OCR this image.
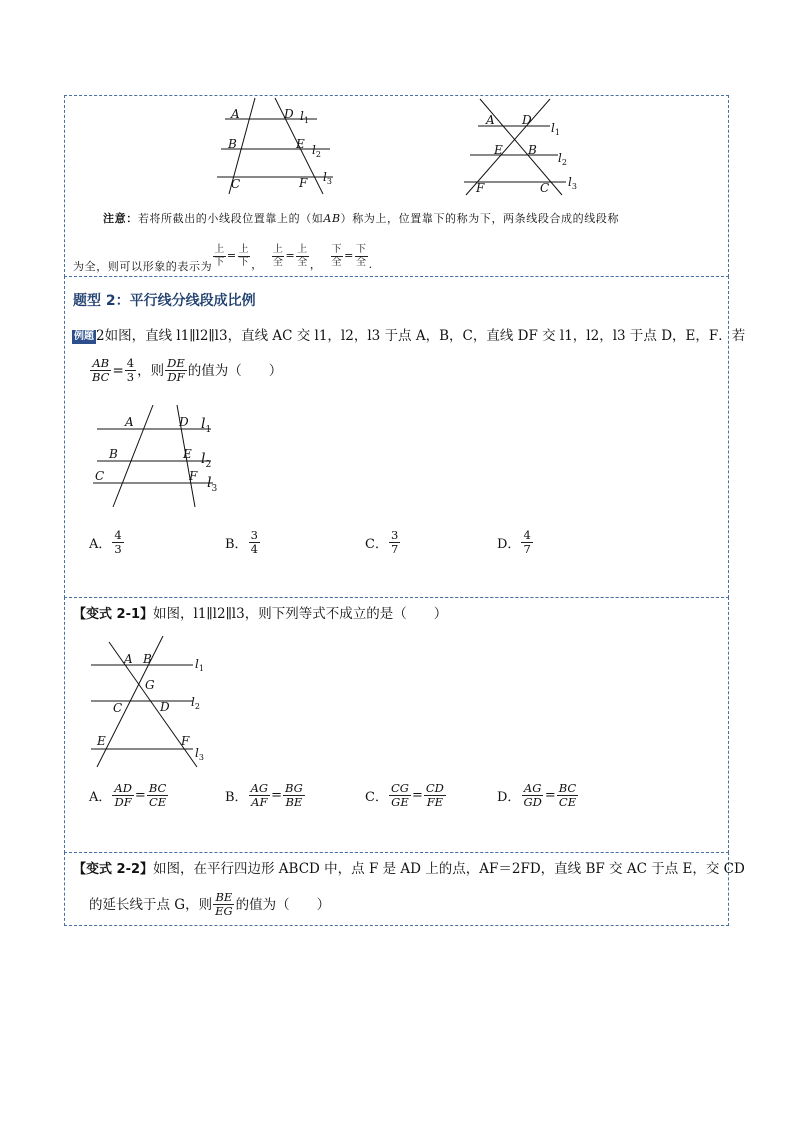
A	D $l_1$
B	E $l_2$
C	F $l_3$
A D
$l_1$
E B
$l_2$
F	C $l_3$
注意：若将所截出的小线段位置靠上的（如AB）称为上，位置靠下的称为下，两条线段合成的线段称
为全，则可以形象的表示为 $\frac{\text{上}}{\text{下}} = \frac{\text{上}}{\text{下}}$ ， $\frac{\text{上}}{\text{全}} = \frac{\text{上}}{\text{全}}$ ， $\frac{\text{下}}{\text{全}} = \frac{\text{下}}{\text{全}}$ .
题型 2：平行线分线段成比例
例题 2如图，直线 l1∥l2∥l3，直线 AC 交 l1，l2，l3 于点 A，B，C，直线 DF 交 l1，l2，l3 于点 D，E，F．若
$\frac{AB}{BC} = \frac{4}{3}$ ，则 $\frac{DE}{DF}$ 的值为（　　）
A	D $l_1$
B	E $l_2$
C	F $l_3$
A． $\frac{4}{3}$	B． $\frac{3}{4}$	C． $\frac{3}{7}$	D． $\frac{4}{7}$
【变式 2-1】如图，l1∥l2∥l3，则下列等式不成立的是（　　）
A B	$l_1$
G
C	D $l_2$
E	F
$l_3$
A． $\frac{AD}{DF} = \frac{BC}{CE}$	B． $\frac{AG}{AF} = \frac{BG}{BE}$	C． $\frac{CG}{GE} = \frac{CD}{FE}$	D． $\frac{AG}{GD} = \frac{BC}{CE}$
【变式 2-2】如图，在平行四边形 ABCD 中，点 F 是 AD 上的点，AF＝2FD，直线 BF 交 AC 于点 E，交 CD
的延长线于点 G，则 $\frac{BE}{EG}$ 的值为（　　）
